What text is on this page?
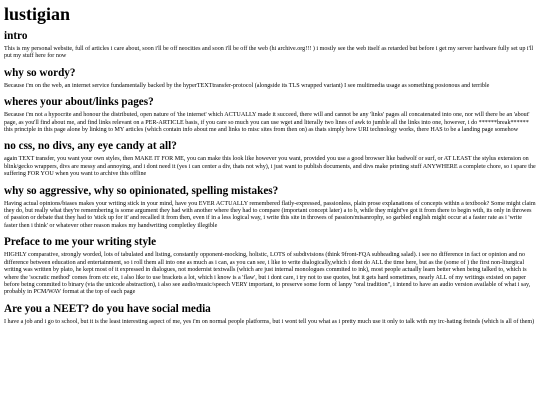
lustigian
intro

This is my personal website, full of articles i care about, soon i'll be off neocities and soon i'll be off the web (hi archive.org!!! ) i mostly see the web itself as retarded but before i get my server hardware fully set up i'll put my stuff here for now

why so wordy?

Because i'm on the web, an internet service fundamentally backed by the hyperTEXTtransfer-protocol (alongside its TLS wrapped variant) I see multimedia usage as something posionous and terrible

wheres your about/links pages?

Because i'm not a hypocrite and honour the distributed, open nature of 'the internet' which ACTUALLY made it succeed, there will and cannot be any 'links' pages all concatenated into one, nor will there be an 'about' page, as you'll find about me, and find links relevant on a PER-ARTICLE basis, if you care so much you can use wget and literally two lines of awk to jumble all the links into one, however, i do ******break****** this principle in this page alone by linking to MY articles (which contain info about me and links to misc sites from then on) as thats simply how URI technology works, there HAS to be a landing page somehow

no css, no divs, any eye candy at all?

again TEXT transfer, you want your own styles, then MAKE IT FOR ME, you can make this look like however you want, provided you use a good browser like badwolf or surf, or AT LEAST the stylus extension on blink/gecko wrappers, divs are messy and annoying, and i dont need it (yes i can center a div, thats not why), i just want to publish documents, and divs make printing stuff ANYWHERE a complete chore, so i spare the suffering FOR YOU when you want to archive this offline

why so aggressive, why so opinionated, spelling mistakes?

Having actual opinions/biases makes your writing stick in your mind, have you EVER ACTUALLY remembered flatly-expressed, passionless, plain prose explanations of concepts within a textbook? Some might claim they do, but really what they're remembering is some argument they had with another where they had to compare (important concept later) a to b, while they might've got it from there to begin with, its only in throwes of passion or debate that they had to 'stick up for it' and recalled it from then, even if in a less logical way, i write this site in throwes of passion/misanrophy, so garbled english might occur at a faster rate as i 'write faster then i think' or whatever other reason makes my handwriting completley illegible

Preface to me your writing style

HIGHLY comparative, strongly worded, lots of tabulated and listing, constantly opponent-mocking, holistic, LOTS of subdivisions (think 9front-FQA subheading salad). i see no difference in fact or opinion and no difference between education and entertainment, so i roll them all into one as much as i can, as you can see, i like to write dialogically,which i dont do ALL the time here, but as the (some of ) the first non-liturgical writing was written by plato, he kept most of it expressed in dialogues, not modernist textwalls (which are just internal monologues commited to ink), most people actually learn better when being talked to, which is where the 'socratic method' comes from etc etc, i also like to use brackets a lot, which i know is a 'flaw', but i dont care, i try not to use quotes, but it gets hard sometimes, nearly ALL of my writings existed on paper before being commited to binary (via the unicode abstraction), i also see audio/music/speech VERY important, to preserve some form of lanpy "oral tradition", i intend to have an audio version available of what i say, probably in PCM/WAV format at the top of each page

Are you a NEET? do you have social media

I have a job and i go to school, but it is the least interesting aspect of me, yes i'm on normal people platforms, but i wont tell you what as i pretty much use it only to talk with my irc-hating freinds (which is all of them)
